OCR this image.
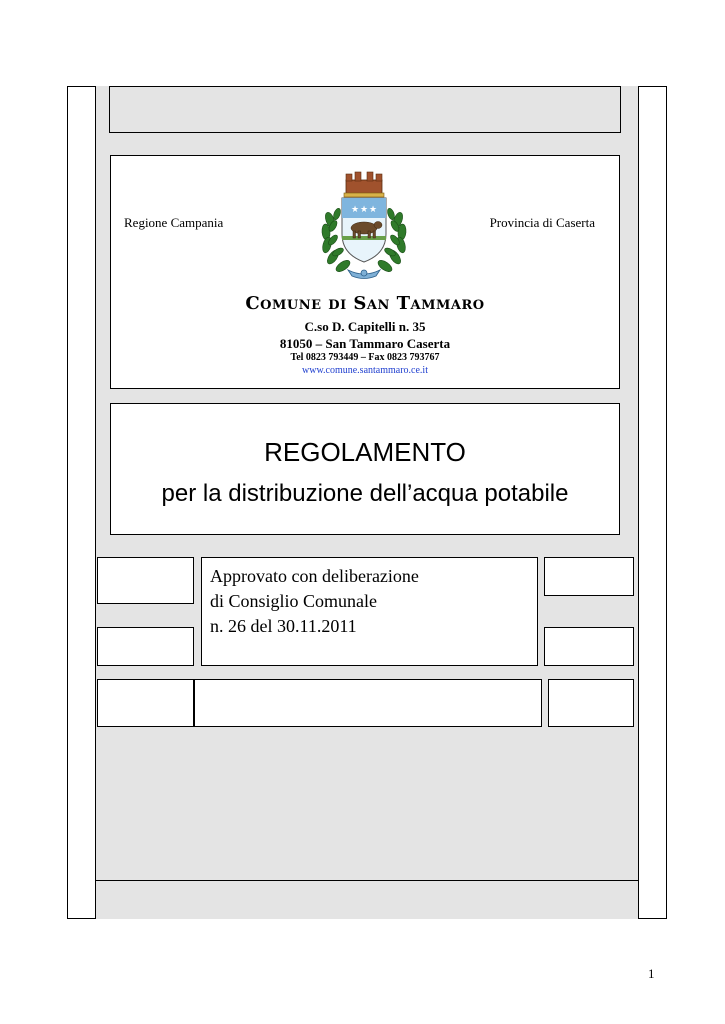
Regione Campania	Provincia di Caserta
★ ★ ★
Comune di San Tammaro
C.so D. Capitelli n. 35
81050 – San Tammaro Caserta
Tel 0823 793449 – Fax 0823 793767
www.comune.santammaro.ce.it
REGOLAMENTO
per la distribuzione dell’acqua potabile
Approvato con deliberazione
di Consiglio Comunale
n. 26 del 30.11.2011
1
